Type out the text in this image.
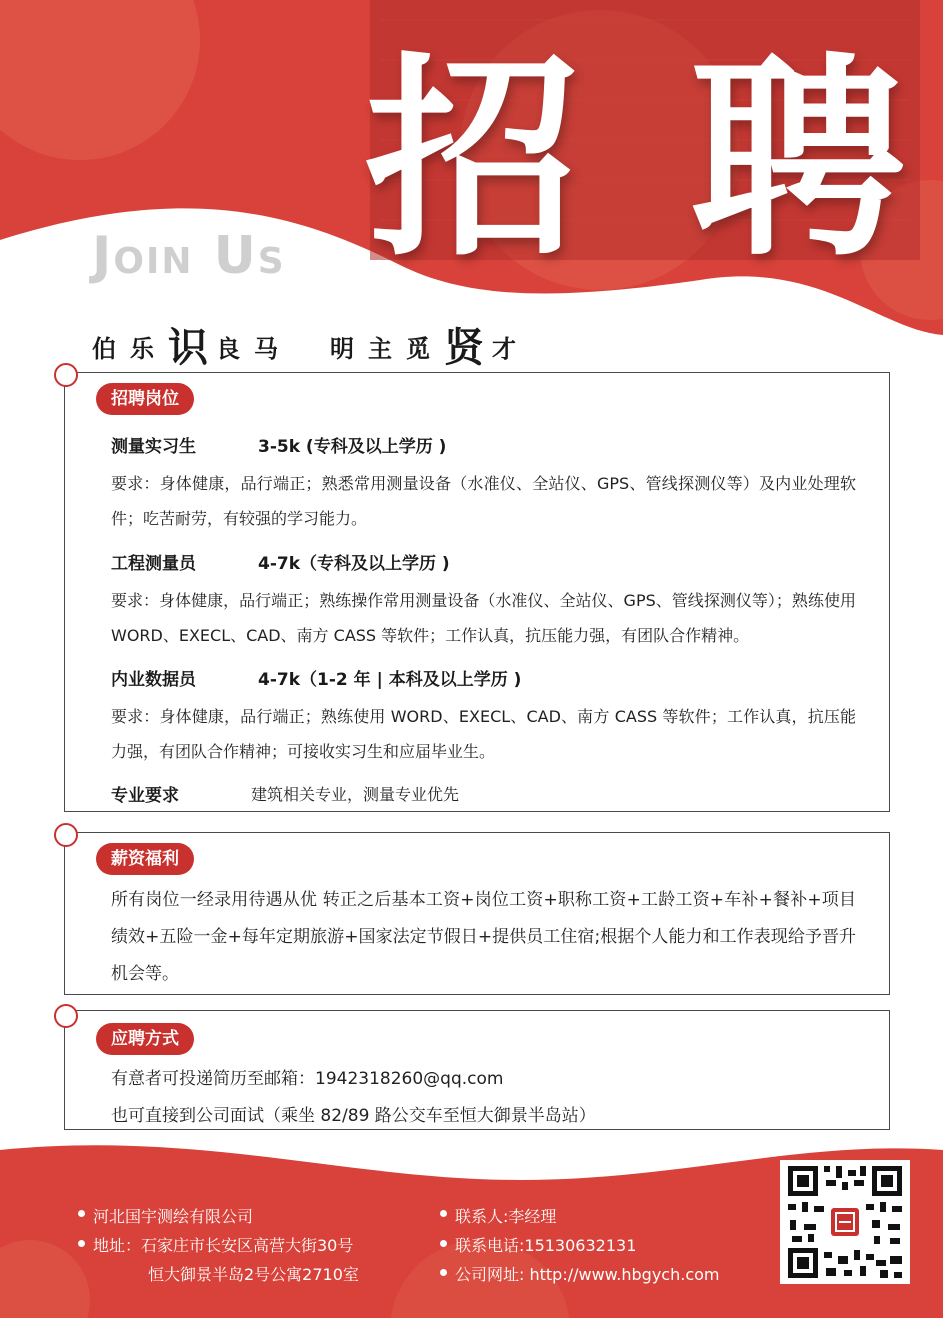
招 聘
Join Us
伯乐识良马 明主觅贤才
招聘岗位
测量实习生	3-5k (专科及以上学历 )
要求：身体健康，品行端正；熟悉常用测量设备（水准仪、全站仪、GPS、管线探测仪等）及内业处理软件；吃苦耐劳，有较强的学习能力。
工程测量员	4-7k（专科及以上学历 )
要求：身体健康，品行端正；熟练操作常用测量设备（水准仪、全站仪、GPS、管线探测仪等）；熟练使用 WORD、EXECL、CAD、南方 CASS 等软件；工作认真，抗压能力强，有团队合作精神。
内业数据员	4-7k（1-2 年 | 本科及以上学历 )
要求：身体健康，品行端正；熟练使用 WORD、EXECL、CAD、南方 CASS 等软件；工作认真，抗压能力强，有团队合作精神；可接收实习生和应届毕业生。
专业要求	建筑相关专业，测量专业优先
薪资福利
所有岗位一经录用待遇从优 转正之后基本工资+岗位工资+职称工资+工龄工资+车补+餐补+项目绩效+五险一金+每年定期旅游+国家法定节假日+提供员工住宿;根据个人能力和工作表现给予晋升机会等。
应聘方式
有意者可投递简历至邮箱：1942318260@qq.com
也可直接到公司面试（乘坐 82/89 路公交车至恒大御景半岛站）
河北国宇测绘有限公司
地址：石家庄市长安区高营大街30号
恒大御景半岛2号公寓2710室
联系人:李经理
联系电话:15130632131
公司网址: http://www.hbgych.com
